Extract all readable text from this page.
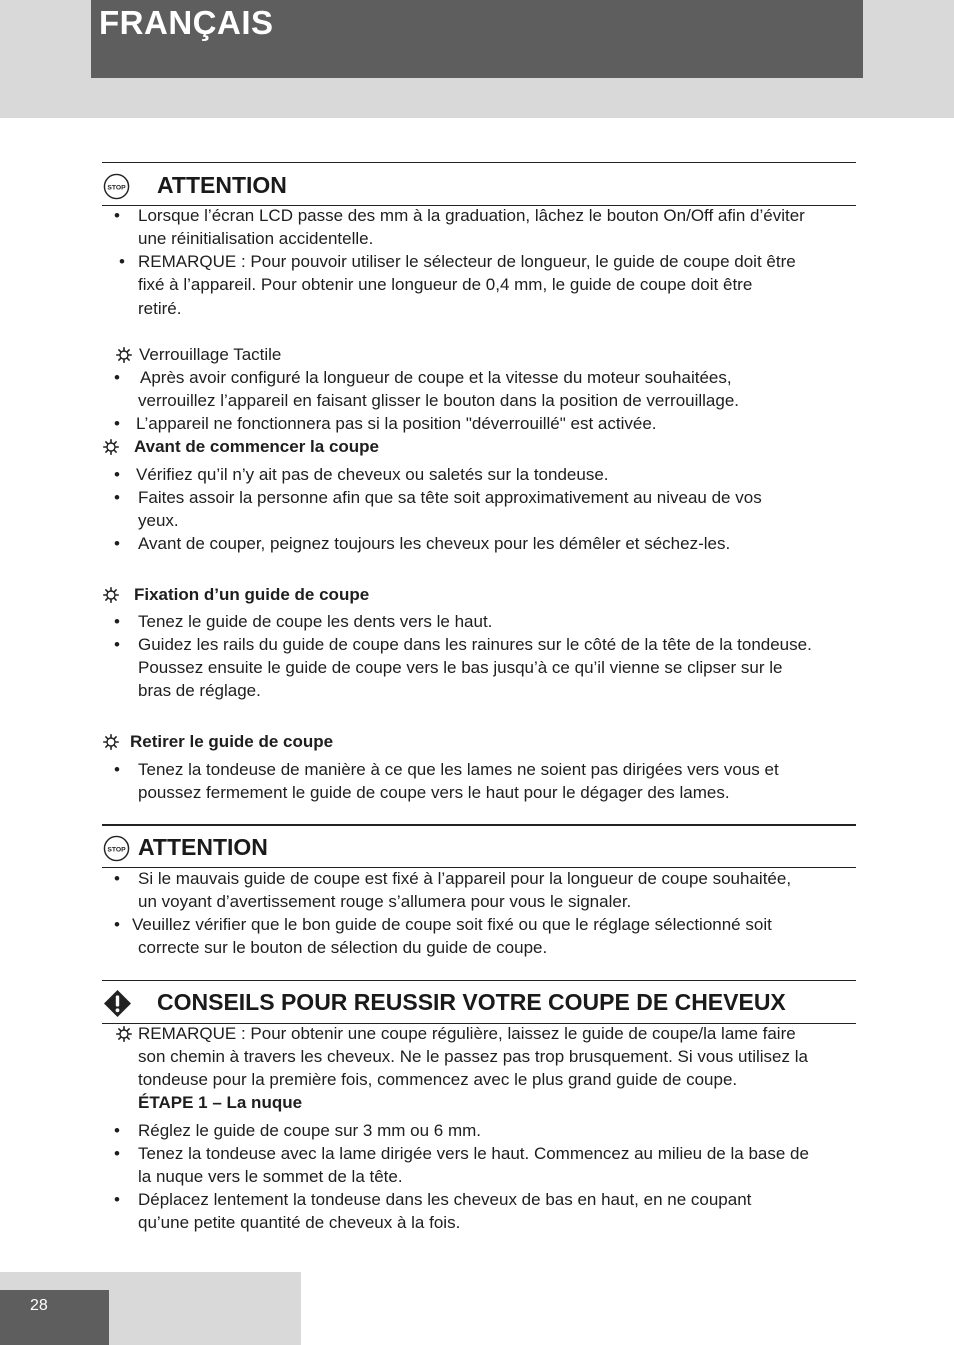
FRANÇAIS
STOP ATTENTION
• Lorsque l’écran LCD passe des mm à la graduation, lâchez le bouton On/Off afin d’éviter
une réinitialisation accidentelle.
• REMARQUE : Pour pouvoir utiliser le sélecteur de longueur, le guide de coupe doit être
fixé à l’appareil. Pour obtenir une longueur de 0,4 mm, le guide de coupe doit être
retiré.
Verrouillage Tactile
• Après avoir configuré la longueur de coupe et la vitesse du moteur souhaitées,
verrouillez l’appareil en faisant glisser le bouton dans la position de verrouillage.
• L’appareil ne fonctionnera pas si la position "déverrouillé" est activée.
Avant de commencer la coupe
• Vérifiez qu’il n’y ait pas de cheveux ou saletés sur la tondeuse.
• Faites assoir la personne afin que sa tête soit approximativement au niveau de vos
yeux.
• Avant de couper, peignez toujours les cheveux pour les démêler et séchez-les.
Fixation d’un guide de coupe
• Tenez le guide de coupe les dents vers le haut.
• Guidez les rails du guide de coupe dans les rainures sur le côté de la tête de la tondeuse.
Poussez ensuite le guide de coupe vers le bas jusqu’à ce qu’il vienne se clipser sur le
bras de réglage.
Retirer le guide de coupe
• Tenez la tondeuse de manière à ce que les lames ne soient pas dirigées vers vous et
poussez fermement le guide de coupe vers le haut pour le dégager des lames.
STOP ATTENTION
• Si le mauvais guide de coupe est fixé à l’appareil pour la longueur de coupe souhaitée,
un voyant d’avertissement rouge s’allumera pour vous le signaler.
• Veuillez vérifier que le bon guide de coupe soit fixé ou que le réglage sélectionné soit
correcte sur le bouton de sélection du guide de coupe.
CONSEILS POUR REUSSIR VOTRE COUPE DE CHEVEUX
REMARQUE : Pour obtenir une coupe régulière, laissez le guide de coupe/la lame faire
son chemin à travers les cheveux. Ne le passez pas trop brusquement. Si vous utilisez la
tondeuse pour la première fois, commencez avec le plus grand guide de coupe.
ÉTAPE 1 – La nuque
• Réglez le guide de coupe sur 3 mm ou 6 mm.
• Tenez la tondeuse avec la lame dirigée vers le haut. Commencez au milieu de la base de
la nuque vers le sommet de la tête.
• Déplacez lentement la tondeuse dans les cheveux de bas en haut, en ne coupant
qu’une petite quantité de cheveux à la fois.
28
